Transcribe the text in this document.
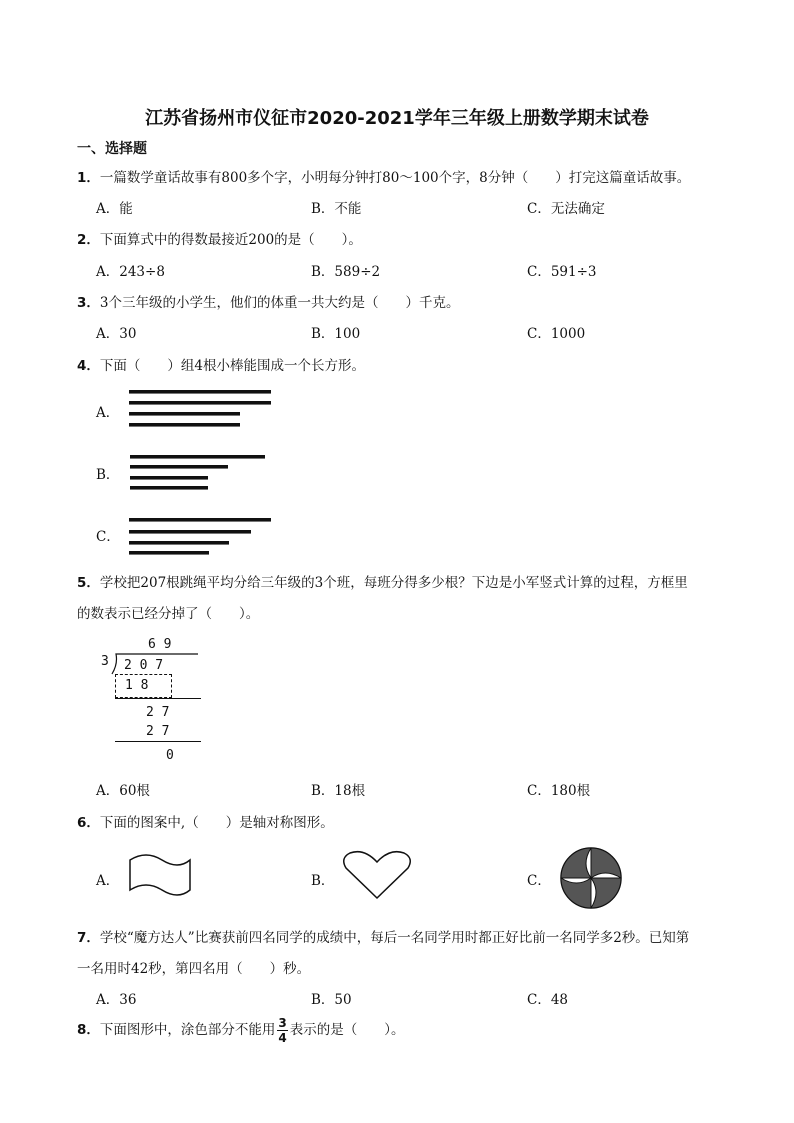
江苏省扬州市仪征市2020-2021学年三年级上册数学期末试卷
一、选择题
1．一篇数学童话故事有800多个字，小明每分钟打80～100个字，8分钟（　　）打完这篇童话故事。
A．能	B．不能	C．无法确定
2．下面算式中的得数最接近200的是（　　）。
A．243÷8	B．589÷2	C．591÷3
3．3个三年级的小学生，他们的体重一共大约是（　　）千克。
A．30	B．100	C．1000
4．下面（　　）组4根小棒能围成一个长方形。
A．
B．
C．
5．学校把207根跳绳平均分给三年级的3个班，每班分得多少根？下边是小军竖式计算的过程，方框里
的数表示已经分掉了（　　）。
6 9
3 2 0 7
1 8
2 7
2 7
0
A．60根	B．18根	C．180根
6．下面的图案中,（　　）是轴对称图形。
A．	B．	C．
7．学校“魔方达人”比赛获前四名同学的成绩中，每后一名同学用时都正好比前一名同学多2秒。已知第
一名用时42秒，第四名用（　　）秒。
A．36	B．50	C．48
8．下面图形中，涂色部分不能用 $\frac{3}{4}$ 表示的是（　　）。
